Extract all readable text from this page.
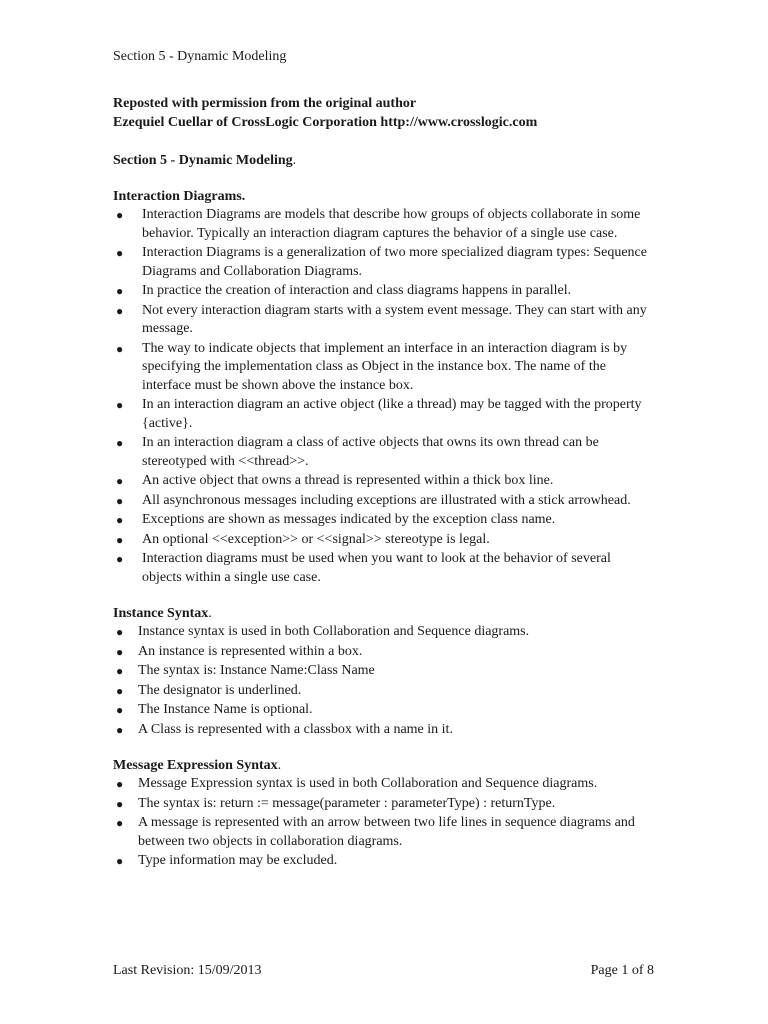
Section 5 - Dynamic Modeling

Reposted with permission from the original author

Ezequiel Cuellar of CrossLogic Corporation http://www.crosslogic.com

Section 5 - Dynamic Modeling.

Interaction Diagrams.

● Interaction Diagrams are models that describe how groups of objects collaborate in some behavior. Typically an interaction diagram captures the behavior of a single use case.
● Interaction Diagrams is a generalization of two more specialized diagram types: Sequence Diagrams and Collaboration Diagrams.
● In practice the creation of interaction and class diagrams happens in parallel.
● Not every interaction diagram starts with a system event message. They can start with any message.
● The way to indicate objects that implement an interface in an interaction diagram is by specifying the implementation class as Object in the instance box. The name of the interface must be shown above the instance box.
● In an interaction diagram an active object (like a thread) may be tagged with the property {active}.
● In an interaction diagram a class of active objects that owns its own thread can be stereotyped with <<thread>>.
● An active object that owns a thread is represented within a thick box line.
● All asynchronous messages including exceptions are illustrated with a stick arrowhead.
● Exceptions are shown as messages indicated by the exception class name.
● An optional <<exception>> or <<signal>> stereotype is legal.
● Interaction diagrams must be used when you want to look at the behavior of several objects within a single use case.

Instance Syntax.

● Instance syntax is used in both Collaboration and Sequence diagrams.
● An instance is represented within a box.
● The syntax is: Instance Name:Class Name
● The designator is underlined.
● The Instance Name is optional.
● A Class is represented with a classbox with a name in it.

Message Expression Syntax.

● Message Expression syntax is used in both Collaboration and Sequence diagrams.
● The syntax is: return := message(parameter : parameterType) : returnType.
● A message is represented with an arrow between two life lines in sequence diagrams and between two objects in collaboration diagrams.
● Type information may be excluded.
Last Revision: 15/09/2013	Page 1 of 8
